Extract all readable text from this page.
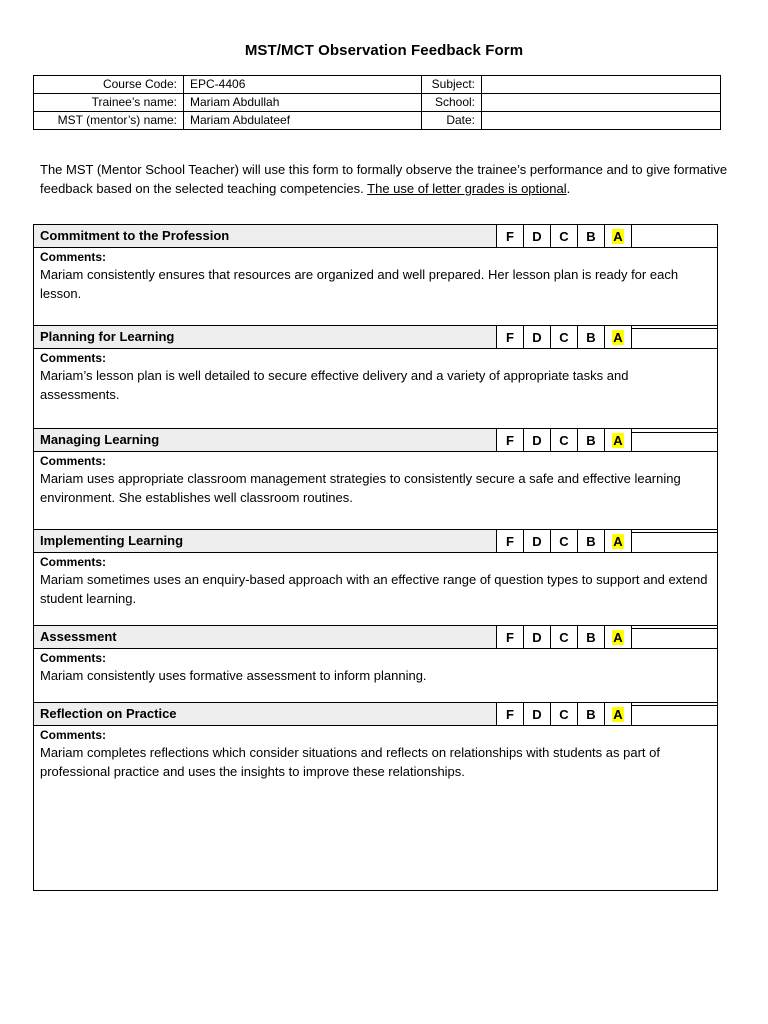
MST/MCT Observation Feedback Form
Course Code:	EPC-4406	Subject:	
Trainee’s name:	Mariam Abdullah	School:	
MST (mentor’s) name:	Mariam Abdulateef	Date:	
The MST (Mentor School Teacher) will use this form to formally observe the trainee’s performance and to give formative feedback based on the selected teaching competencies. The use of letter grades is optional.
Commitment to the Profession	F	D	C	B	A	

Comments:
Mariam consistently ensures that resources are organized and well prepared. Her lesson plan is ready for each lesson.
Planning for Learning	F	D	C	B	A	

Comments:
Mariam’s lesson plan is well detailed to secure effective delivery and a variety of appropriate tasks and assessments.
Managing Learning	F	D	C	B	A	

Comments:
Mariam uses appropriate classroom management strategies to consistently secure a safe and effective learning environment. She establishes well classroom routines.
Implementing Learning	F	D	C	B	A	

Comments:
Mariam sometimes uses an enquiry-based approach with an effective range of question types to support and extend student learning.
Assessment	F	D	C	B	A	

Comments:
Mariam consistently uses formative assessment to inform planning.
Reflection on Practice	F	D	C	B	A	

Comments:
Mariam completes reflections which consider situations and reflects on relationships with students as part of professional practice and uses the insights to improve these relationships.
